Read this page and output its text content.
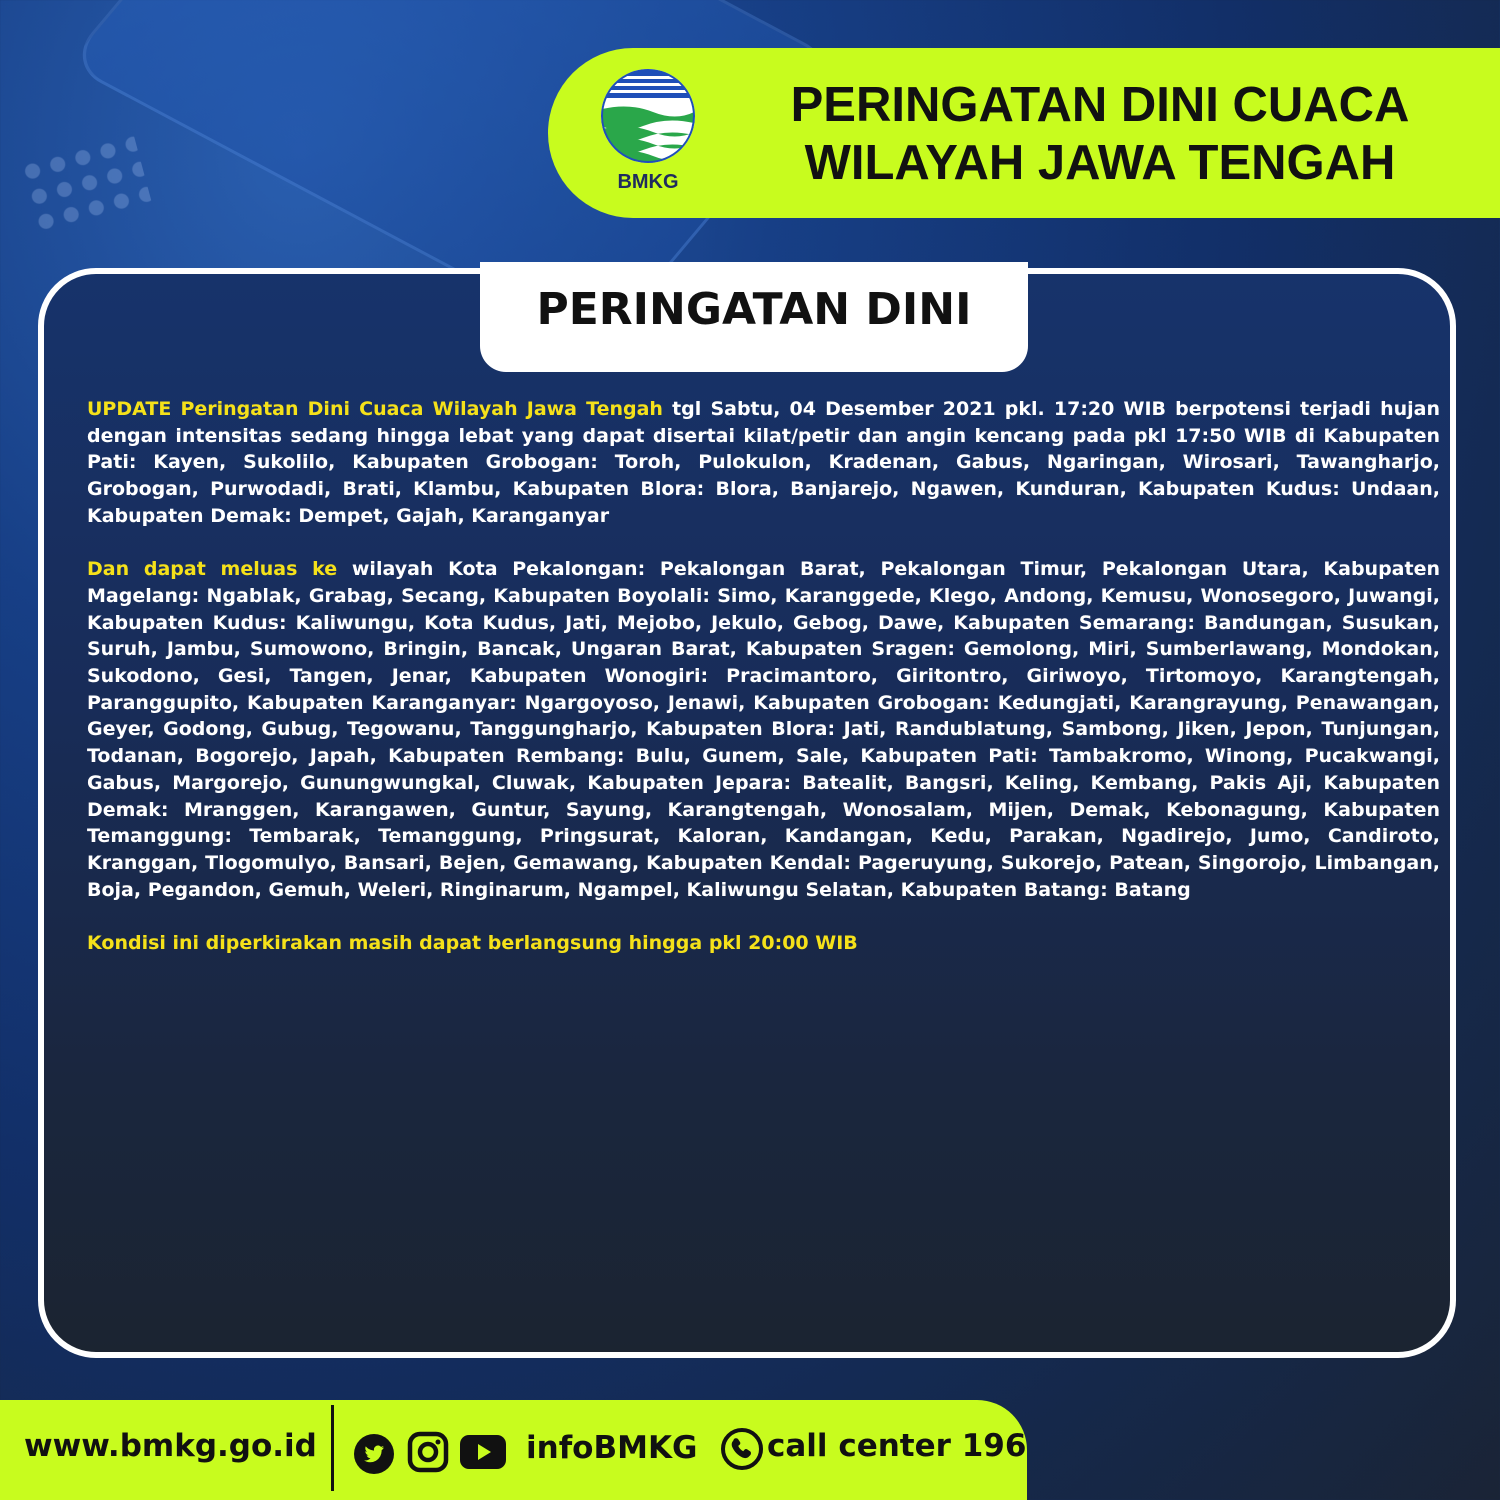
BMKG
PERINGATAN DINI CUACA
WILAYAH JAWA TENGAH
PERINGATAN DINI

UPDATE Peringatan Dini Cuaca Wilayah Jawa Tengah tgl Sabtu, 04 Desember 2021 pkl. 17:20 WIB berpotensi terjadi hujan dengan intensitas sedang hingga lebat yang dapat disertai kilat/petir dan angin kencang pada pkl 17:50 WIB di Kabupaten Pati: Kayen, Sukolilo, Kabupaten Grobogan: Toroh, Pulokulon, Kradenan, Gabus, Ngaringan, Wirosari, Tawangharjo, Grobogan, Purwodadi, Brati, Klambu, Kabupaten Blora: Blora, Banjarejo, Ngawen, Kunduran, Kabupaten Kudus: Undaan, Kabupaten Demak: Dempet, Gajah, Karanganyar

Dan dapat meluas ke wilayah Kota Pekalongan: Pekalongan Barat, Pekalongan Timur, Pekalongan Utara, Kabupaten Magelang: Ngablak, Grabag, Secang, Kabupaten Boyolali: Simo, Karanggede, Klego, Andong, Kemusu, Wonosegoro, Juwangi, Kabupaten Kudus: Kaliwungu, Kota Kudus, Jati, Mejobo, Jekulo, Gebog, Dawe, Kabupaten Semarang: Bandungan, Susukan, Suruh, Jambu, Sumowono, Bringin, Bancak, Ungaran Barat, Kabupaten Sragen: Gemolong, Miri, Sumberlawang, Mondokan, Sukodono, Gesi, Tangen, Jenar, Kabupaten Wonogiri: Pracimantoro, Giritontro, Giriwoyo, Tirtomoyo, Karangtengah, Paranggupito, Kabupaten Karanganyar: Ngargoyoso, Jenawi, Kabupaten Grobogan: Kedungjati, Karangrayung, Penawangan, Geyer, Godong, Gubug, Tegowanu, Tanggungharjo, Kabupaten Blora: Jati, Randublatung, Sambong, Jiken, Jepon, Tunjungan, Todanan, Bogorejo, Japah, Kabupaten Rembang: Bulu, Gunem, Sale, Kabupaten Pati: Tambakromo, Winong, Pucakwangi, Gabus, Margorejo, Gunungwungkal, Cluwak, Kabupaten Jepara: Batealit, Bangsri, Keling, Kembang, Pakis Aji, Kabupaten Demak: Mranggen, Karangawen, Guntur, Sayung, Karangtengah, Wonosalam, Mijen, Demak, Kebonagung, Kabupaten Temanggung: Tembarak, Temanggung, Pringsurat, Kaloran, Kandangan, Kedu, Parakan, Ngadirejo, Jumo, Candiroto, Kranggan, Tlogomulyo, Bansari, Bejen, Gemawang, Kabupaten Kendal: Pageruyung, Sukorejo, Patean, Singorojo, Limbangan, Boja, Pegandon, Gemuh, Weleri, Ringinarum, Ngampel, Kaliwungu Selatan, Kabupaten Batang: Batang

Kondisi ini diperkirakan masih dapat berlangsung hingga pkl 20:00 WIB

www.bmkg.go.id	infoBMKG call center 196
